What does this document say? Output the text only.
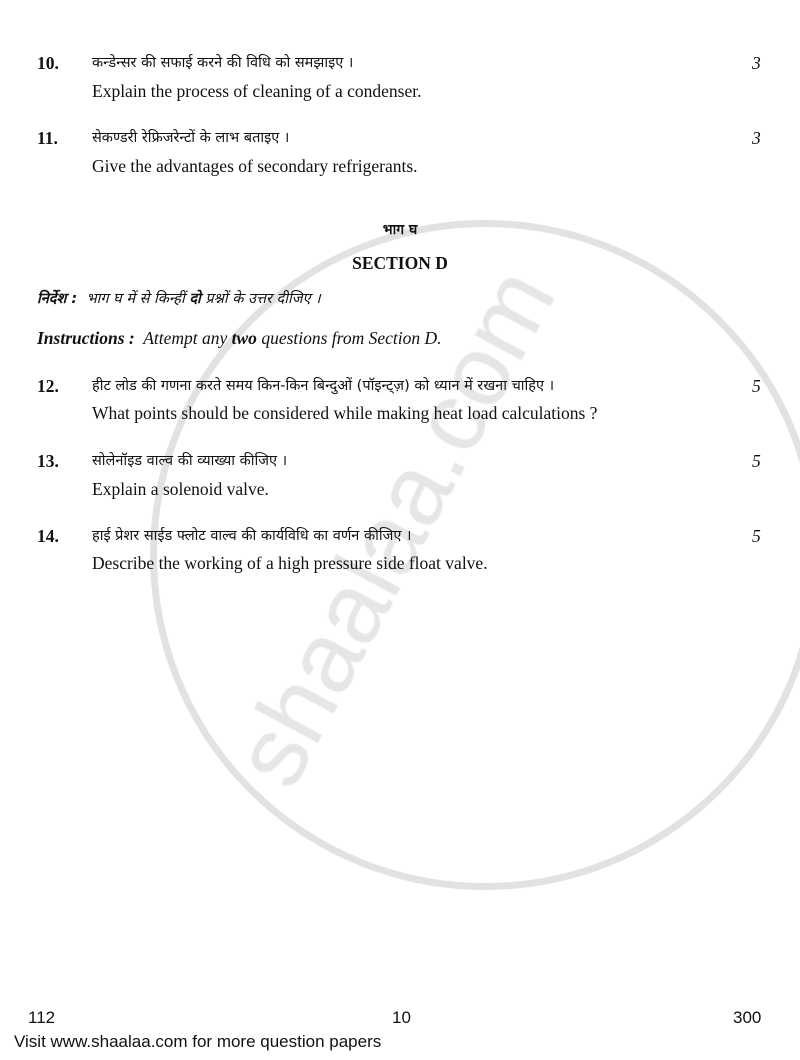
10. कन्डेन्सर की सफाई करने की विधि को समझाइए ।	3
Explain the process of cleaning of a condenser.
11. सेकण्डरी रेफ्रिजरेन्टों के लाभ बताइए ।	3
Give the advantages of secondary refrigerants.
भाग घ
SECTION D
निर्देश : भाग घ में से किन्हीं दो प्रश्नों के उत्तर दीजिए ।
Instructions : Attempt any two questions from Section D.
12. हीट लोड की गणना करते समय किन-किन बिन्दुओं (पॉइन्ट्ज़) को ध्यान में रखना चाहिए ।	5
What points should be considered while making heat load calculations ?
13. सोलेनॉइड वाल्व की व्याख्या कीजिए ।	5
Explain a solenoid valve.
14. हाई प्रेशर साईड फ्लोट वाल्व की कार्यविधि का वर्णन कीजिए ।	5
Describe the working of a high pressure side float valve.
112	10	300
Visit www.shaalaa.com for more question papers
